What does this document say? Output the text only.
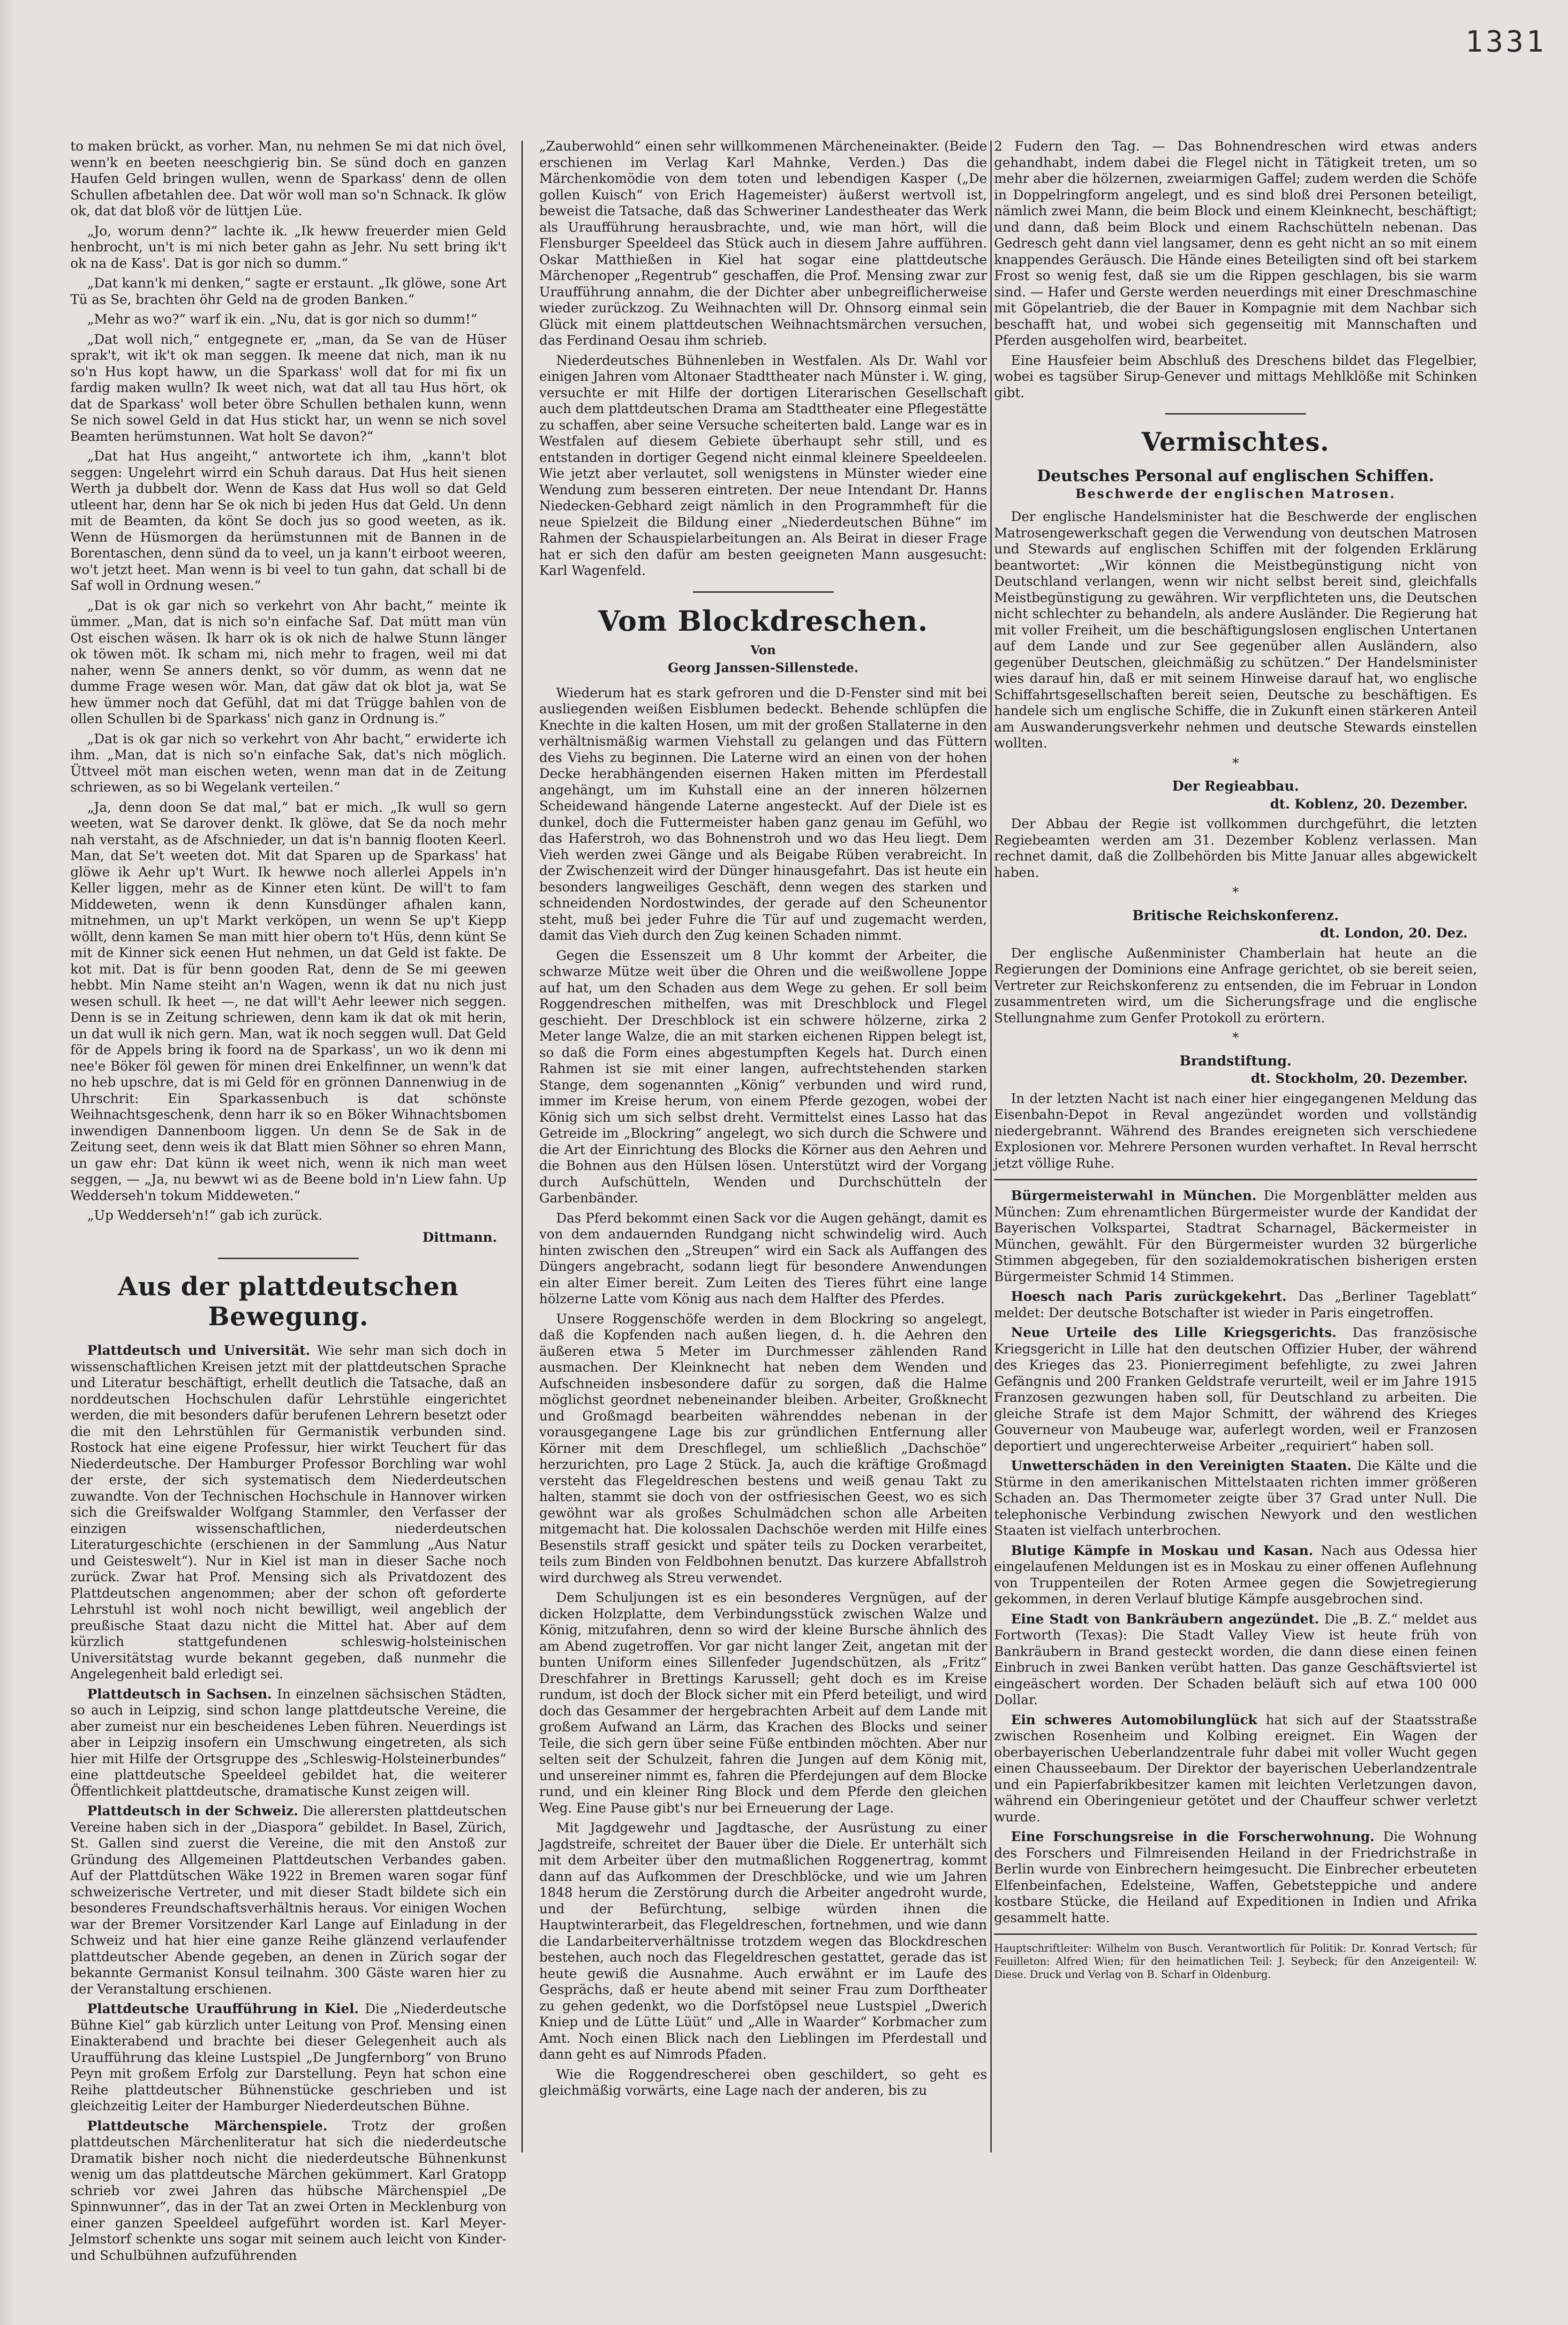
1331

to maken brückt, as vorher. Man, nu nehmen Se mi dat nich övel, wenn'k en beeten neeschgierig bin. Se sünd doch en ganzen Haufen Geld bringen wullen, wenn de Sparkass' denn de ollen Schullen afbetahlen dee. Dat wör woll man so'n Schnack. Ik glöw ok, dat dat bloß vör de lüttjen Lüe.

„Jo, worum denn?“ lachte ik. „Ik heww freuerder mien Geld henbrocht, un't is mi nich beter gahn as Jehr. Nu sett bring ik't ok na de Kass'. Dat is gor nich so dumm.“

„Dat kann'k mi denken,“ sagte er erstaunt. „Ik glöwe, sone Art Tü as Se, brachten öhr Geld na de groden Banken.“

„Mehr as wo?“ warf ik ein. „Nu, dat is gor nich so dumm!“

„Dat woll nich,“ entgegnete er, „man, da Se van de Hüser sprak't, wit ik't ok man seggen. Ik meene dat nich, man ik nu so'n Hus kopt haww, un die Sparkass' woll dat for mi fix un fardig maken wulln? Ik weet nich, wat dat all tau Hus hört, ok dat de Sparkass' woll beter öbre Schullen bethalen kunn, wenn Se nich sowel Geld in dat Hus stickt har, un wenn se nich sovel Beamten herümstunnen. Wat holt Se davon?“

„Dat hat Hus angeiht,“ antwortete ich ihm, „kann't blot seggen: Ungelehrt wirrd ein Schuh daraus. Dat Hus heit sienen Werth ja dubbelt dor. Wenn de Kass dat Hus woll so dat Geld utleent har, denn har Se ok nich bi jeden Hus dat Geld. Un denn mit de Beamten, da könt Se doch jus so good weeten, as ik. Wenn de Hüsmorgen da herümstunnen mit de Bannen in de Borentaschen, denn sünd da to veel, un ja kann't eirboot weeren, wo't jetzt heet. Man wenn is bi veel to tun gahn, dat schall bi de Saf woll in Ordnung wesen.“

„Dat is ok gar nich so verkehrt von Ahr bacht,“ meinte ik ümmer. „Man, dat is nich so'n einfache Saf. Dat mütt man vün Ost eischen wäsen. Ik harr ok is ok nich de halwe Stunn länger ok töwen möt. Ik scham mi, nich mehr to fragen, weil mi dat naher, wenn Se anners denkt, so vör dumm, as wenn dat ne dumme Frage wesen wör. Man, dat gäw dat ok blot ja, wat Se hew ümmer noch dat Gefühl, dat mi dat Trügge bahlen von de ollen Schullen bi de Sparkass' nich ganz in Ordnung is.“

„Dat is ok gar nich so verkehrt von Ahr bacht,“ erwiderte ich ihm. „Man, dat is nich so'n einfache Sak, dat's nich möglich. Üttveel möt man eischen weten, wenn man dat in de Zeitung schriewen, as so bi Wegelank verteilen.“

„Ja, denn doon Se dat mal,“ bat er mich. „Ik wull so gern weeten, wat Se darover denkt. Ik glöwe, dat Se da noch mehr nah verstaht, as de Afschnieder, un dat is'n bannig flooten Keerl. Man, dat Se't weeten dot. Mit dat Sparen up de Sparkass' hat glöwe ik Aehr up't Wurt. Ik hewwe noch allerlei Appels in'n Keller liggen, mehr as de Kinner eten künt. De will't to fam Middeweten, wenn ik denn Kunsdünger afhalen kann, mitnehmen, un up't Markt verköpen, un wenn Se up't Kiepp wöllt, denn kamen Se man mitt hier obern to't Hüs, denn künt Se mit de Kinner sick eenen Hut nehmen, un dat Geld ist fakte. De kot mit. Dat is für benn gooden Rat, denn de Se mi geewen hebbt. Min Name steiht an'n Wagen, wenn ik dat nu nich just wesen schull. Ik heet —, ne dat will't Aehr leewer nich seggen. Denn is se in Zeitung schriewen, denn kam ik dat ok mit herin, un dat wull ik nich gern. Man, wat ik noch seggen wull. Dat Geld för de Appels bring ik foord na de Sparkass', un wo ik denn mi nee'e Böker föl gewen för minen drei Enkelfinner, un wenn'k dat no heb upschre, dat is mi Geld för en grönnen Dannenwiug in de Uhrschrit: Ein Sparkassenbuch is dat schönste Weihnachtsgeschenk, denn harr ik so en Böker Wihnachtsbomen inwendigen Dannenboom liggen. Un denn Se de Sak in de Zeitung seet, denn weis ik dat Blatt mien Söhner so ehren Mann, un gaw ehr: Dat künn ik weet nich, wenn ik nich man weet seggen, — „Ja, nu bewwt wi as de Beene bold in'n Liew fahn. Up Wedderseh'n tokum Middeweten.“

„Up Wedderseh'n!“ gab ich zurück.

Dittmann.

Aus der plattdeutschen Bewegung.

Plattdeutsch und Universität. Wie sehr man sich doch in wissenschaftlichen Kreisen jetzt mit der plattdeutschen Sprache und Literatur beschäftigt, erhellt deutlich die Tatsache, daß an norddeutschen Hochschulen dafür Lehrstühle eingerichtet werden, die mit besonders dafür berufenen Lehrern besetzt oder die mit den Lehrstühlen für Germanistik verbunden sind. Rostock hat eine eigene Professur, hier wirkt Teuchert für das Niederdeutsche. Der Hamburger Professor Borchling war wohl der erste, der sich systematisch dem Niederdeutschen zuwandte. Von der Technischen Hochschule in Hannover wirken sich die Greifswalder Wolfgang Stammler, den Verfasser der einzigen wissenschaftlichen, niederdeutschen Literaturgeschichte (erschienen in der Sammlung „Aus Natur und Geisteswelt“). Nur in Kiel ist man in dieser Sache noch zurück. Zwar hat Prof. Mensing sich als Privatdozent des Plattdeutschen angenommen; aber der schon oft geforderte Lehrstuhl ist wohl noch nicht bewilligt, weil angeblich der preußische Staat dazu nicht die Mittel hat. Aber auf dem kürzlich stattgefundenen schleswig-holsteinischen Universitätstag wurde bekannt gegeben, daß nunmehr die Angelegenheit bald erledigt sei.

Plattdeutsch in Sachsen. In einzelnen sächsischen Städten, so auch in Leipzig, sind schon lange plattdeutsche Vereine, die aber zumeist nur ein bescheidenes Leben führen. Neuerdings ist aber in Leipzig insofern ein Umschwung eingetreten, als sich hier mit Hilfe der Ortsgruppe des „Schleswig-Holsteinerbundes“ eine plattdeutsche Speeldeel gebildet hat, die weiterer Öffentlichkeit plattdeutsche, dramatische Kunst zeigen will.

Plattdeutsch in der Schweiz. Die allerersten plattdeutschen Vereine haben sich in der „Diaspora“ gebildet. In Basel, Zürich, St. Gallen sind zuerst die Vereine, die mit den Anstoß zur Gründung des Allgemeinen Plattdeutschen Verbandes gaben. Auf der Plattdütschen Wäke 1922 in Bremen waren sogar fünf schweizerische Vertreter, und mit dieser Stadt bildete sich ein besonderes Freundschaftsverhältnis heraus. Vor einigen Wochen war der Bremer Vorsitzender Karl Lange auf Einladung in der Schweiz und hat hier eine ganze Reihe glänzend verlaufender plattdeutscher Abende gegeben, an denen in Zürich sogar der bekannte Germanist Konsul teilnahm. 300 Gäste waren hier zu der Veranstaltung erschienen.

Plattdeutsche Uraufführung in Kiel. Die „Niederdeutsche Bühne Kiel“ gab kürzlich unter Leitung von Prof. Mensing einen Einakterabend und brachte bei dieser Gelegenheit auch als Uraufführung das kleine Lustspiel „De Jungfernborg“ von Bruno Peyn mit großem Erfolg zur Darstellung. Peyn hat schon eine Reihe plattdeutscher Bühnenstücke geschrieben und ist gleichzeitig Leiter der Hamburger Niederdeutschen Bühne.

Plattdeutsche Märchenspiele. Trotz der großen plattdeutschen Märchenliteratur hat sich die niederdeutsche Dramatik bisher noch nicht die niederdeutsche Bühnenkunst wenig um das plattdeutsche Märchen gekümmert. Karl Gratopp schrieb vor zwei Jahren das hübsche Märchenspiel „De Spinnwunner“, das in der Tat an zwei Orten in Mecklenburg von einer ganzen Speeldeel aufgeführt worden ist. Karl Meyer-Jelmstorf schenkte uns sogar mit seinem auch leicht von Kinder- und Schulbühnen aufzuführenden

„Zauberwohld“ einen sehr willkommenen Märcheneinakter. (Beide erschienen im Verlag Karl Mahnke, Verden.) Das die Märchenkomödie von dem toten und lebendigen Kasper („De gollen Kuisch“ von Erich Hagemeister) äußerst wertvoll ist, beweist die Tatsache, daß das Schweriner Landestheater das Werk als Uraufführung herausbrachte, und, wie man hört, will die Flensburger Speeldeel das Stück auch in diesem Jahre aufführen. Oskar Matthießen in Kiel hat sogar eine plattdeutsche Märchenoper „Regentrub“ geschaffen, die Prof. Mensing zwar zur Uraufführung annahm, die der Dichter aber unbegreiflicherweise wieder zurückzog. Zu Weihnachten will Dr. Ohnsorg einmal sein Glück mit einem plattdeutschen Weihnachtsmärchen versuchen, das Ferdinand Oesau ihm schrieb.

Niederdeutsches Bühnenleben in Westfalen. Als Dr. Wahl vor einigen Jahren vom Altonaer Stadttheater nach Münster i. W. ging, versuchte er mit Hilfe der dortigen Literarischen Gesellschaft auch dem plattdeutschen Drama am Stadttheater eine Pflegestätte zu schaffen, aber seine Versuche scheiterten bald. Lange war es in Westfalen auf diesem Gebiete überhaupt sehr still, und es entstanden in dortiger Gegend nicht einmal kleinere Speeldeelen. Wie jetzt aber verlautet, soll wenigstens in Münster wieder eine Wendung zum besseren eintreten. Der neue Intendant Dr. Hanns Niedecken-Gebhard zeigt nämlich in den Programmheft für die neue Spielzeit die Bildung einer „Niederdeutschen Bühne“ im Rahmen der Schauspielarbeitungen an. Als Beirat in dieser Frage hat er sich den dafür am besten geeigneten Mann ausgesucht: Karl Wagenfeld.

Vom Blockdreschen.

Von

Georg Janssen-Sillenstede.

Wiederum hat es stark gefroren und die D-Fenster sind mit bei ausliegenden weißen Eisblumen bedeckt. Behende schlüpfen die Knechte in die kalten Hosen, um mit der großen Stallaterne in den verhältnismäßig warmen Viehstall zu gelangen und das Füttern des Viehs zu beginnen. Die Laterne wird an einen von der hohen Decke herabhängenden eisernen Haken mitten im Pferdestall angehängt, um im Kuhstall eine an der inneren hölzernen Scheidewand hängende Laterne angesteckt. Auf der Diele ist es dunkel, doch die Futtermeister haben ganz genau im Gefühl, wo das Haferstroh, wo das Bohnenstroh und wo das Heu liegt. Dem Vieh werden zwei Gänge und als Beigabe Rüben verabreicht. In der Zwischenzeit wird der Dünger hinausgefahrt. Das ist heute ein besonders langweiliges Geschäft, denn wegen des starken und schneidenden Nordostwindes, der gerade auf den Scheunentor steht, muß bei jeder Fuhre die Tür auf und zugemacht werden, damit das Vieh durch den Zug keinen Schaden nimmt.

Gegen die Essenszeit um 8 Uhr kommt der Arbeiter, die schwarze Mütze weit über die Ohren und die weißwollene Joppe auf hat, um den Schaden aus dem Wege zu gehen. Er soll beim Roggendreschen mithelfen, was mit Dreschblock und Flegel geschieht. Der Dreschblock ist ein schwere hölzerne, zirka 2 Meter lange Walze, die an mit starken eichenen Rippen belegt ist, so daß die Form eines abgestumpften Kegels hat. Durch einen Rahmen ist sie mit einer langen, aufrechtstehenden starken Stange, dem sogenannten „König“ verbunden und wird rund, immer im Kreise herum, von einem Pferde gezogen, wobei der König sich um sich selbst dreht. Vermittelst eines Lasso hat das Getreide im „Blockring“ angelegt, wo sich durch die Schwere und die Art der Einrichtung des Blocks die Körner aus den Aehren und die Bohnen aus den Hülsen lösen. Unterstützt wird der Vorgang durch Aufschütteln, Wenden und Durchschütteln der Garbenbänder.

Das Pferd bekommt einen Sack vor die Augen gehängt, damit es von dem andauernden Rundgang nicht schwindelig wird. Auch hinten zwischen den „Streupen“ wird ein Sack als Auffangen des Düngers angebracht, sodann liegt für besondere Anwendungen ein alter Eimer bereit. Zum Leiten des Tieres führt eine lange hölzerne Latte vom König aus nach dem Halfter des Pferdes.

Unsere Roggenschöfe werden in dem Blockring so angelegt, daß die Kopfenden nach außen liegen, d. h. die Aehren den äußeren etwa 5 Meter im Durchmesser zählenden Rand ausmachen. Der Kleinknecht hat neben dem Wenden und Aufschneiden insbesondere dafür zu sorgen, daß die Halme möglichst geordnet nebeneinander bleiben. Arbeiter, Großknecht und Großmagd bearbeiten währenddes nebenan in der vorausgegangene Lage bis zur gründlichen Entfernung aller Körner mit dem Dreschflegel, um schließlich „Dachschöe“ herzurichten, pro Lage 2 Stück. Ja, auch die kräftige Großmagd versteht das Flegeldreschen bestens und weiß genau Takt zu halten, stammt sie doch von der ostfriesischen Geest, wo es sich gewöhnt war als großes Schulmädchen schon alle Arbeiten mitgemacht hat. Die kolossalen Dachschöe werden mit Hilfe eines Besenstils straff gesickt und später teils zu Docken verarbeitet, teils zum Binden von Feldbohnen benutzt. Das kurzere Abfallstroh wird durchweg als Streu verwendet.

Dem Schuljungen ist es ein besonderes Vergnügen, auf der dicken Holzplatte, dem Verbindungsstück zwischen Walze und König, mitzufahren, denn so wird der kleine Bursche ähnlich des am Abend zugetroffen. Vor gar nicht langer Zeit, angetan mit der bunten Uniform eines Sillenfeder Jugendschützen, als „Fritz“ Dreschfahrer in Brettings Karussell; geht doch es im Kreise rundum, ist doch der Block sicher mit ein Pferd beteiligt, und wird doch das Gesammer der hergebrachten Arbeit auf dem Lande mit großem Aufwand an Lärm, das Krachen des Blocks und seiner Teile, die sich gern über seine Füße entbinden möchten. Aber nur selten seit der Schulzeit, fahren die Jungen auf dem König mit, und unsereiner nimmt es, fahren die Pferdejungen auf dem Blocke rund, und ein kleiner Ring Block und dem Pferde den gleichen Weg. Eine Pause gibt's nur bei Erneuerung der Lage.

Mit Jagdgewehr und Jagdtasche, der Ausrüstung zu einer Jagdstreife, schreitet der Bauer über die Diele. Er unterhält sich mit dem Arbeiter über den mutmaßlichen Roggenertrag, kommt dann auf das Aufkommen der Dreschblöcke, und wie um Jahren 1848 herum die Zerstörung durch die Arbeiter angedroht wurde, und der Befürchtung, selbige würden ihnen die Hauptwinterarbeit, das Flegeldreschen, fortnehmen, und wie dann die Landarbeiterverhältnisse trotzdem wegen das Blockdreschen bestehen, auch noch das Flegeldreschen gestattet, gerade das ist heute gewiß die Ausnahme. Auch erwähnt er im Laufe des Gesprächs, daß er heute abend mit seiner Frau zum Dorftheater zu gehen gedenkt, wo die Dorfstöpsel neue Lustspiel „Dwerich Kniep und de Lütte Lüüt“ und „Alle in Waarder“ Korbmacher zum Amt. Noch einen Blick nach den Lieblingen im Pferdestall und dann geht es auf Nimrods Pfaden.

Wie die Roggendrescherei oben geschildert, so geht es gleichmäßig vorwärts, eine Lage nach der anderen, bis zu

2 Fudern den Tag. — Das Bohnendreschen wird etwas anders gehandhabt, indem dabei die Flegel nicht in Tätigkeit treten, um so mehr aber die hölzernen, zweiarmigen Gaffel; zudem werden die Schöfe in Doppelringform angelegt, und es sind bloß drei Personen beteiligt, nämlich zwei Mann, die beim Block und einem Kleinknecht, beschäftigt; und dann, daß beim Block und einem Rachschütteln nebenan. Das Gedresch geht dann viel langsamer, denn es geht nicht an so mit einem knappendes Geräusch. Die Hände eines Beteiligten sind oft bei starkem Frost so wenig fest, daß sie um die Rippen geschlagen, bis sie warm sind. — Hafer und Gerste werden neuerdings mit einer Dreschmaschine mit Göpelantrieb, die der Bauer in Kompagnie mit dem Nachbar sich beschafft hat, und wobei sich gegenseitig mit Mannschaften und Pferden ausgeholfen wird, bearbeitet.

Eine Hausfeier beim Abschluß des Dreschens bildet das Flegelbier, wobei es tagsüber Sirup-Genever und mittags Mehlklöße mit Schinken gibt.

Vermischtes.

Deutsches Personal auf englischen Schiffen.

Beschwerde der englischen Matrosen.

Der englische Handelsminister hat die Beschwerde der englischen Matrosengewerkschaft gegen die Verwendung von deutschen Matrosen und Stewards auf englischen Schiffen mit der folgenden Erklärung beantwortet: „Wir können die Meistbegünstigung nicht von Deutschland verlangen, wenn wir nicht selbst bereit sind, gleichfalls Meistbegünstigung zu gewähren. Wir verpflichteten uns, die Deutschen nicht schlechter zu behandeln, als andere Ausländer. Die Regierung hat mit voller Freiheit, um die beschäftigungslosen englischen Untertanen auf dem Lande und zur See gegenüber allen Ausländern, also gegenüber Deutschen, gleichmäßig zu schützen.“ Der Handelsminister wies darauf hin, daß er mit seinem Hinweise darauf hat, wo englische Schiffahrtsgesellschaften bereit seien, Deutsche zu beschäftigen. Es handele sich um englische Schiffe, die in Zukunft einen stärkeren Anteil am Auswanderungsverkehr nehmen und deutsche Stewards einstellen wollten.

*

Der Regieabbau.

dt. Koblenz, 20. Dezember.

Der Abbau der Regie ist vollkommen durchgeführt, die letzten Regiebeamten werden am 31. Dezember Koblenz verlassen. Man rechnet damit, daß die Zollbehörden bis Mitte Januar alles abgewickelt haben.

*

Britische Reichskonferenz.

dt. London, 20. Dez.

Der englische Außenminister Chamberlain hat heute an die Regierungen der Dominions eine Anfrage gerichtet, ob sie bereit seien, Vertreter zur Reichskonferenz zu entsenden, die im Februar in London zusammentreten wird, um die Sicherungsfrage und die englische Stellungnahme zum Genfer Protokoll zu erörtern.

*

Brandstiftung.

dt. Stockholm, 20. Dezember.

In der letzten Nacht ist nach einer hier eingegangenen Meldung das Eisenbahn-Depot in Reval angezündet worden und vollständig niedergebrannt. Während des Brandes ereigneten sich verschiedene Explosionen vor. Mehrere Personen wurden verhaftet. In Reval herrscht jetzt völlige Ruhe.

Bürgermeisterwahl in München. Die Morgenblätter melden aus München: Zum ehrenamtlichen Bürgermeister wurde der Kandidat der Bayerischen Volkspartei, Stadtrat Scharnagel, Bäckermeister in München, gewählt. Für den Bürgermeister wurden 32 bürgerliche Stimmen abgegeben, für den sozialdemokratischen bisherigen ersten Bürgermeister Schmid 14 Stimmen.

Hoesch nach Paris zurückgekehrt. Das „Berliner Tageblatt“ meldet: Der deutsche Botschafter ist wieder in Paris eingetroffen.

Neue Urteile des Lille Kriegsgerichts. Das französische Kriegsgericht in Lille hat den deutschen Offizier Huber, der während des Krieges das 23. Pionierregiment befehligte, zu zwei Jahren Gefängnis und 200 Franken Geldstrafe verurteilt, weil er im Jahre 1915 Franzosen gezwungen haben soll, für Deutschland zu arbeiten. Die gleiche Strafe ist dem Major Schmitt, der während des Krieges Gouverneur von Maubeuge war, auferlegt worden, weil er Franzosen deportiert und ungerechterweise Arbeiter „requiriert“ haben soll.

Unwetterschäden in den Vereinigten Staaten. Die Kälte und die Stürme in den amerikanischen Mittelstaaten richten immer größeren Schaden an. Das Thermometer zeigte über 37 Grad unter Null. Die telephonische Verbindung zwischen Newyork und den westlichen Staaten ist vielfach unterbrochen.

Blutige Kämpfe in Moskau und Kasan. Nach aus Odessa hier eingelaufenen Meldungen ist es in Moskau zu einer offenen Auflehnung von Truppenteilen der Roten Armee gegen die Sowjetregierung gekommen, in deren Verlauf blutige Kämpfe ausgebrochen sind.

Eine Stadt von Bankräubern angezündet. Die „B. Z.“ meldet aus Fortworth (Texas): Die Stadt Valley View ist heute früh von Bankräubern in Brand gesteckt worden, die dann diese einen feinen Einbruch in zwei Banken verübt hatten. Das ganze Geschäftsviertel ist eingeäschert worden. Der Schaden beläuft sich auf etwa 100 000 Dollar.

Ein schweres Automobilunglück hat sich auf der Staatsstraße zwischen Rosenheim und Kolbing ereignet. Ein Wagen der oberbayerischen Ueberlandzentrale fuhr dabei mit voller Wucht gegen einen Chausseebaum. Der Direktor der bayerischen Ueberlandzentrale und ein Papierfabrikbesitzer kamen mit leichten Verletzungen davon, während ein Oberingenieur getötet und der Chauffeur schwer verletzt wurde.

Eine Forschungsreise in die Forscherwohnung. Die Wohnung des Forschers und Filmreisenden Heiland in der Friedrichstraße in Berlin wurde von Einbrechern heimgesucht. Die Einbrecher erbeuteten Elfenbeinfachen, Edelsteine, Waffen, Gebetsteppiche und andere kostbare Stücke, die Heiland auf Expeditionen in Indien und Afrika gesammelt hatte.

Hauptschriftleiter: Wilhelm von Busch. Verantwortlich für Politik: Dr. Konrad Vertsch; für Feuilleton: Alfred Wien; für den heimatlichen Teil: J. Seybeck; für den Anzeigenteil: W. Diese. Druck und Verlag von B. Scharf in Oldenburg.
